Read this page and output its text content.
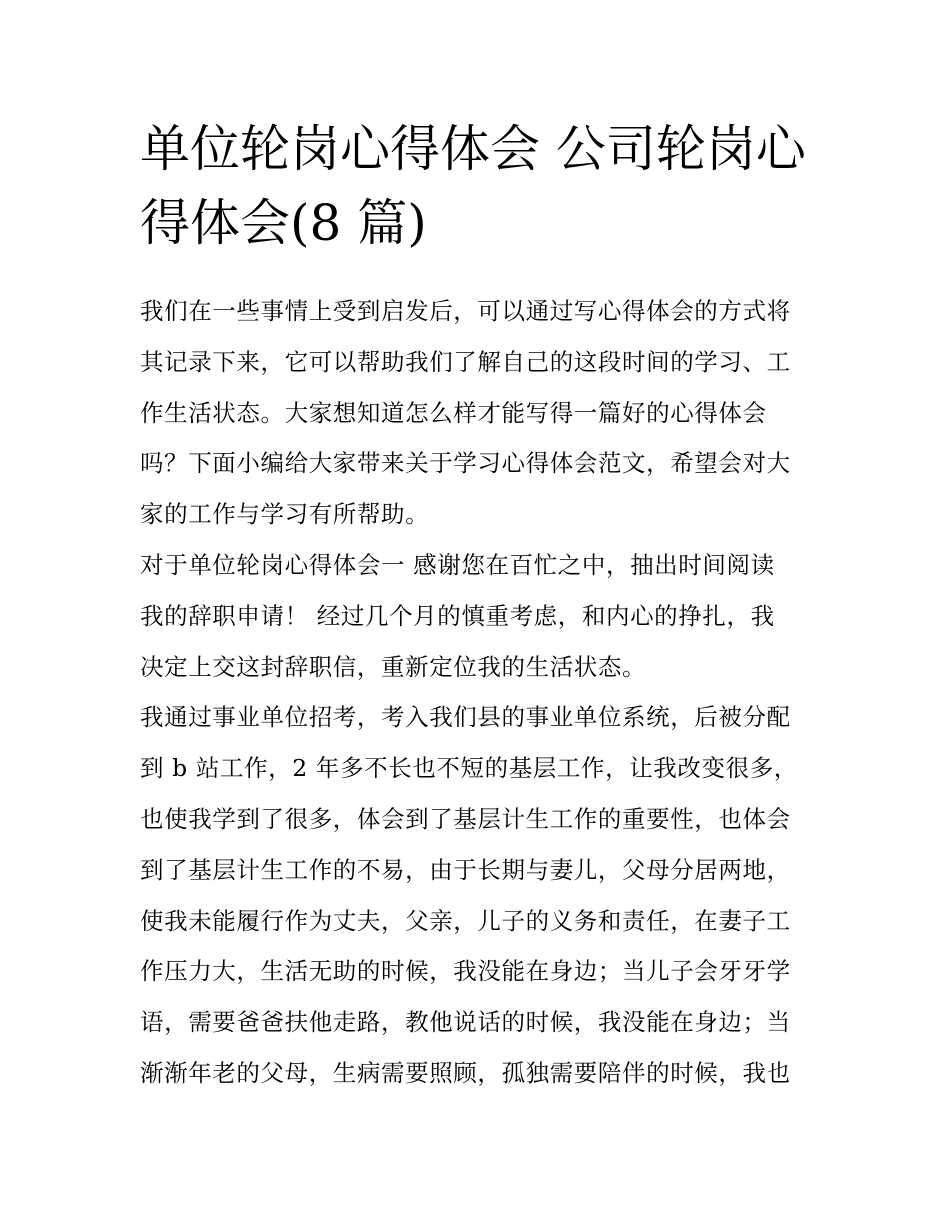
单位轮岗心得体会 公司轮岗心
得体会(8 篇)

我们在一些事情上受到启发后，可以通过写心得体会的方式将
其记录下来，它可以帮助我们了解自己的这段时间的学习、工
作生活状态。大家想知道怎么样才能写得一篇好的心得体会
吗？下面小编给大家带来关于学习心得体会范文，希望会对大
家的工作与学习有所帮助。

对于单位轮岗心得体会一 感谢您在百忙之中，抽出时间阅读
我的辞职申请！ 经过几个月的慎重考虑，和内心的挣扎，我
决定上交这封辞职信，重新定位我的生活状态。

我通过事业单位招考，考入我们县的事业单位系统，后被分配
到 b 站工作，2 年多不长也不短的基层工作，让我改变很多，
也使我学到了很多，体会到了基层计生工作的重要性，也体会
到了基层计生工作的不易，由于长期与妻儿，父母分居两地，
使我未能履行作为丈夫，父亲，儿子的义务和责任，在妻子工
作压力大，生活无助的时候，我没能在身边；当儿子会牙牙学
语，需要爸爸扶他走路，教他说话的时候，我没能在身边；当
渐渐年老的父母，生病需要照顾，孤独需要陪伴的时候，我也
